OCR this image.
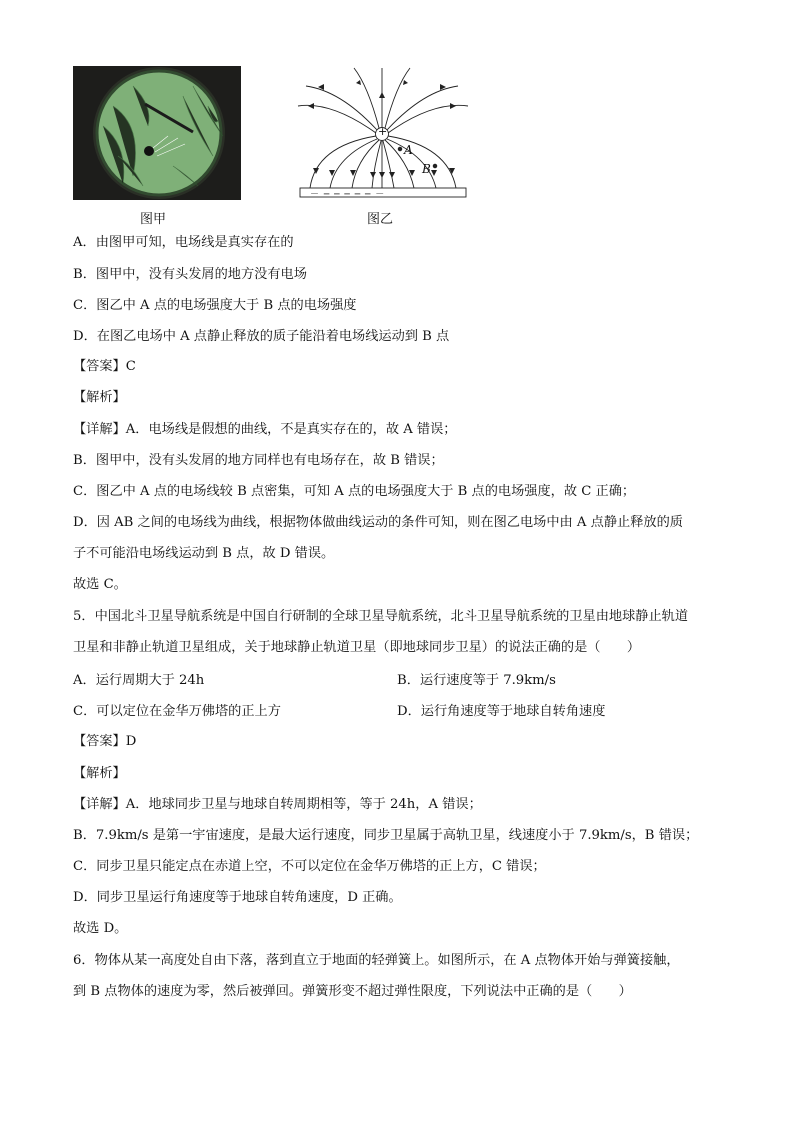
图甲
+
A
B
－ ─ ─ ─ ─ ─ －
图乙
A．由图甲可知，电场线是真实存在的
B．图甲中，没有头发屑的地方没有电场
C．图乙中 A 点的电场强度大于 B 点的电场强度
D．在图乙电场中 A 点静止释放的质子能沿着电场线运动到 B 点
【答案】C
【解析】
【详解】A．电场线是假想的曲线，不是真实存在的，故 A 错误；
B．图甲中，没有头发屑的地方同样也有电场存在，故 B 错误；
C．图乙中 A 点的电场线较 B 点密集，可知 A 点的电场强度大于 B 点的电场强度，故 C 正确；
D．因 AB 之间的电场线为曲线，根据物体做曲线运动的条件可知，则在图乙电场中由 A 点静止释放的质
子不可能沿电场线运动到 B 点，故 D 错误。
故选 C。
5．中国北斗卫星导航系统是中国自行研制的全球卫星导航系统，北斗卫星导航系统的卫星由地球静止轨道
卫星和非静止轨道卫星组成，关于地球静止轨道卫星（即地球同步卫星）的说法正确的是（　　）
A．运行周期大于 24h	B．运行速度等于 7.9km/s
C．可以定位在金华万佛塔的正上方	D．运行角速度等于地球自转角速度
【答案】D
【解析】
【详解】A．地球同步卫星与地球自转周期相等，等于 24h，A 错误；
B．7.9km/s 是第一宇宙速度，是最大运行速度，同步卫星属于高轨卫星，线速度小于 7.9km/s，B 错误；
C．同步卫星只能定点在赤道上空，不可以定位在金华万佛塔的正上方，C 错误；
D．同步卫星运行角速度等于地球自转角速度，D 正确。
故选 D。
6．物体从某一高度处自由下落，落到直立于地面的轻弹簧上。如图所示，在 A 点物体开始与弹簧接触，
到 B 点物体的速度为零，然后被弹回。弹簧形变不超过弹性限度，下列说法中正确的是（　　）
